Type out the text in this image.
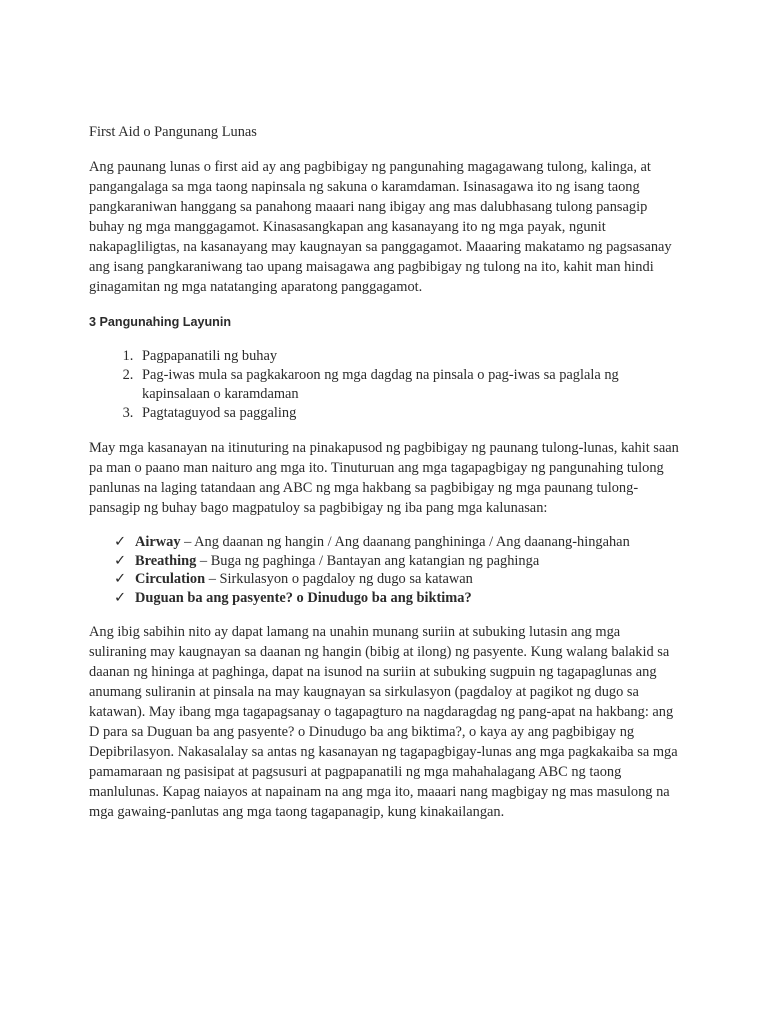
First Aid o Pangunang Lunas

Ang paunang lunas o first aid ay ang pagbibigay ng pangunahing magagawang tulong, kalinga, at pangangalaga sa mga taong napinsala ng sakuna o karamdaman. Isinasagawa ito ng isang taong pangkaraniwan hanggang sa panahong maaari nang ibigay ang mas dalubhasang tulong pansagip buhay ng mga manggagamot. Kinasasangkapan ang kasanayang ito ng mga payak, ngunit nakapagliligtas, na kasanayang may kaugnayan sa panggagamot. Maaaring makatamo ng pagsasanay ang isang pangkaraniwang tao upang maisagawa ang pagbibigay ng tulong na ito, kahit man hindi ginagamitan ng mga natatanging aparatong panggagamot.

3 Pangunahing Layunin
1. Pagpapanatili ng buhay
2. Pag-iwas mula sa pagkakaroon ng mga dagdag na pinsala o pag-iwas sa paglala ng kapinsalaan o karamdaman
3. Pagtataguyod sa paggaling

May mga kasanayan na itinuturing na pinakapusod ng pagbibigay ng paunang tulong-lunas, kahit saan pa man o paano man naituro ang mga ito. Tinuturuan ang mga tagapagbigay ng pangunahing tulong panlunas na laging tatandaan ang ABC ng mga hakbang sa pagbibigay ng mga paunang tulong-pansagip ng buhay bago magpatuloy sa pagbibigay ng iba pang mga kalunasan:

✓ Airway – Ang daanan ng hangin / Ang daanang panghininga / Ang daanang-hingahan
✓ Breathing – Buga ng paghinga / Bantayan ang katangian ng paghinga
✓ Circulation – Sirkulasyon o pagdaloy ng dugo sa katawan
✓ Duguan ba ang pasyente? o Dinudugo ba ang biktima?

Ang ibig sabihin nito ay dapat lamang na unahin munang suriin at subuking lutasin ang mga suliraning may kaugnayan sa daanan ng hangin (bibig at ilong) ng pasyente. Kung walang balakid sa daanan ng hininga at paghinga, dapat na isunod na suriin at subuking sugpuin ng tagapaglunas ang anumang suliranin at pinsala na may kaugnayan sa sirkulasyon (pagdaloy at pagikot ng dugo sa katawan). May ibang mga tagapagsanay o tagapagturo na nagdaragdag ng pang-apat na hakbang: ang D para sa Duguan ba ang pasyente? o Dinudugo ba ang biktima?, o kaya ay ang pagbibigay ng Depibrilasyon. Nakasalalay sa antas ng kasanayan ng tagapagbigay-lunas ang mga pagkakaiba sa mga pamamaraan ng pasisipat at pagsusuri at pagpapanatili ng mga mahahalagang ABC ng taong manlulunas. Kapag naiayos at napainam na ang mga ito, maaari nang magbigay ng mas masulong na mga gawaing-panlutas ang mga taong tagapanagip, kung kinakailangan.
